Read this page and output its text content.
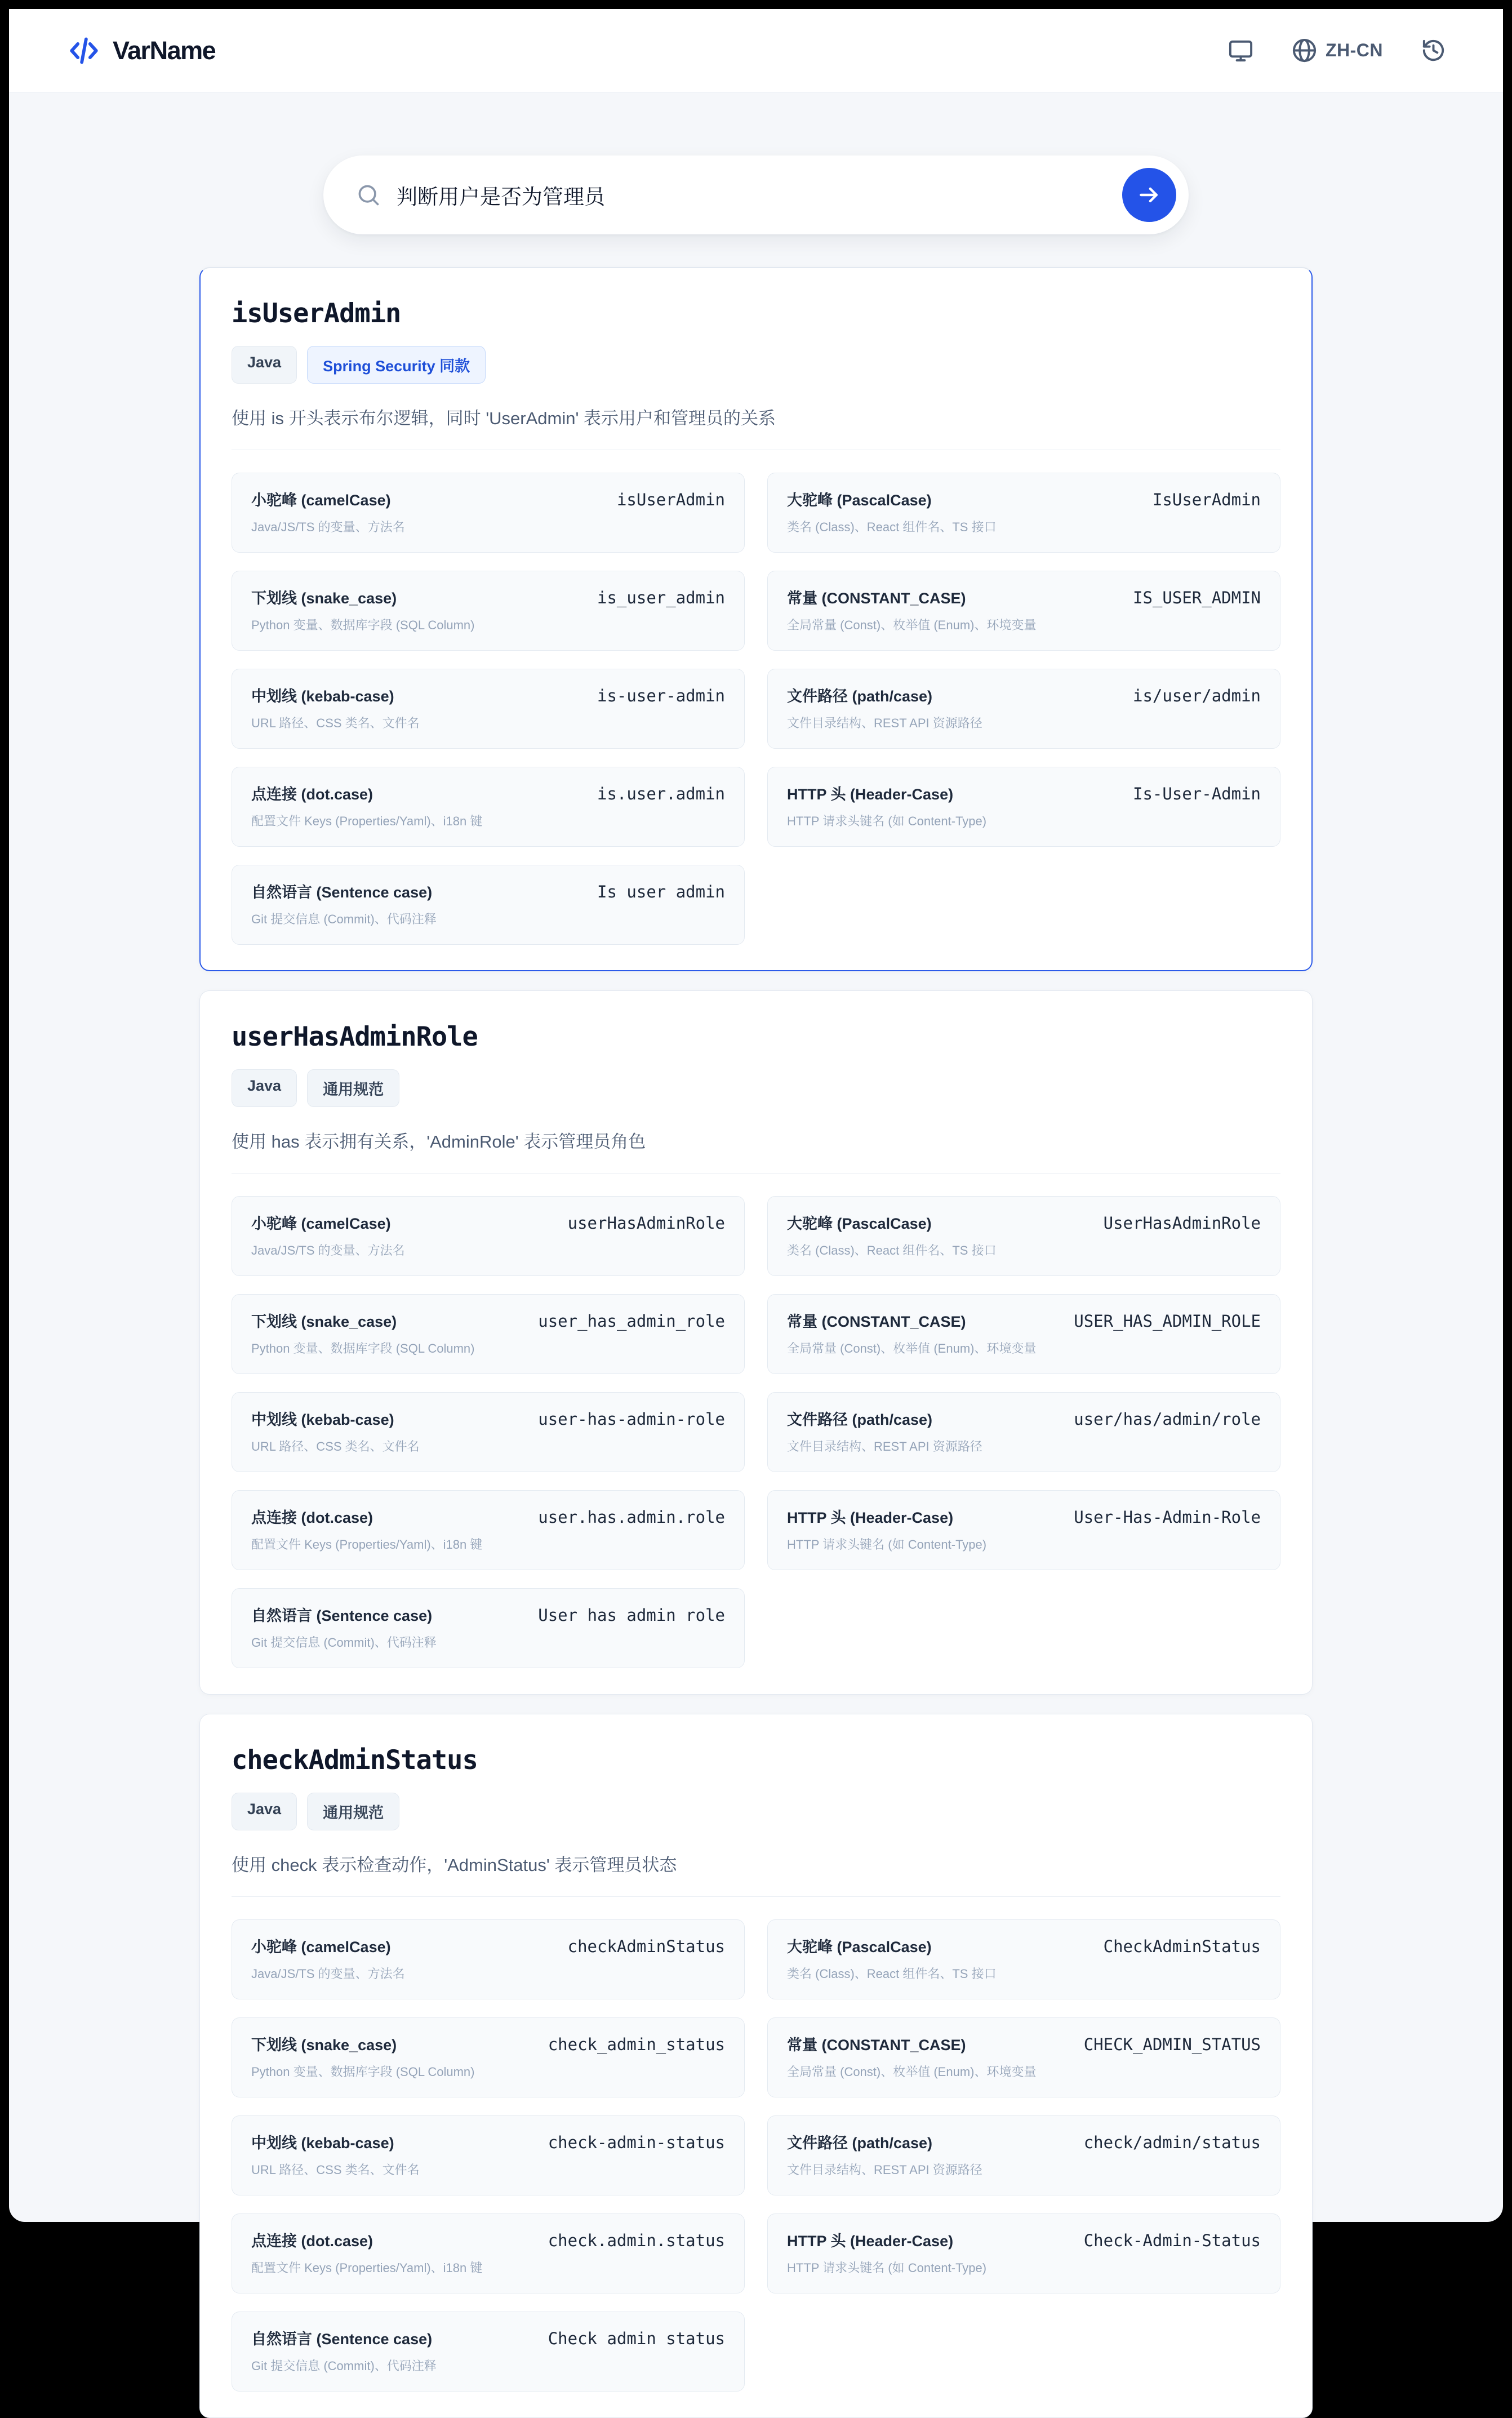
VarName	ZH-CN
判断用户是否为管理员
isUserAdmin
Java	Spring Security 同款

使用 is 开头表示布尔逻辑，同时 'UserAdmin' 表示用户和管理员的关系

小驼峰 (camelCase)	isUserAdmin
Java/JS/TS 的变量、方法名
大驼峰 (PascalCase)	IsUserAdmin
类名 (Class)、React 组件名、TS 接口
下划线 (snake_case)	is_user_admin
Python 变量、数据库字段 (SQL Column)
常量 (CONSTANT_CASE)	IS_USER_ADMIN
全局常量 (Const)、枚举值 (Enum)、环境变量
中划线 (kebab-case)	is-user-admin
URL 路径、CSS 类名、文件名
文件路径 (path/case)	is/user/admin
文件目录结构、REST API 资源路径
点连接 (dot.case)	is.user.admin
配置文件 Keys (Properties/Yaml)、i18n 键
HTTP 头 (Header-Case)	Is-User-Admin
HTTP 请求头键名 (如 Content-Type)
自然语言 (Sentence case)	Is user admin
Git 提交信息 (Commit)、代码注释
userHasAdminRole
Java	通用规范

使用 has 表示拥有关系，'AdminRole' 表示管理员角色

小驼峰 (camelCase)	userHasAdminRole
Java/JS/TS 的变量、方法名
大驼峰 (PascalCase)	UserHasAdminRole
类名 (Class)、React 组件名、TS 接口
下划线 (snake_case)	user_has_admin_role
Python 变量、数据库字段 (SQL Column)
常量 (CONSTANT_CASE)	USER_HAS_ADMIN_ROLE
全局常量 (Const)、枚举值 (Enum)、环境变量
中划线 (kebab-case)	user-has-admin-role
URL 路径、CSS 类名、文件名
文件路径 (path/case)	user/has/admin/role
文件目录结构、REST API 资源路径
点连接 (dot.case)	user.has.admin.role
配置文件 Keys (Properties/Yaml)、i18n 键
HTTP 头 (Header-Case)	User-Has-Admin-Role
HTTP 请求头键名 (如 Content-Type)
自然语言 (Sentence case)	User has admin role
Git 提交信息 (Commit)、代码注释
checkAdminStatus
Java	通用规范

使用 check 表示检查动作，'AdminStatus' 表示管理员状态

小驼峰 (camelCase)	checkAdminStatus
Java/JS/TS 的变量、方法名
大驼峰 (PascalCase)	CheckAdminStatus
类名 (Class)、React 组件名、TS 接口
下划线 (snake_case)	check_admin_status
Python 变量、数据库字段 (SQL Column)
常量 (CONSTANT_CASE)	CHECK_ADMIN_STATUS
全局常量 (Const)、枚举值 (Enum)、环境变量
中划线 (kebab-case)	check-admin-status
URL 路径、CSS 类名、文件名
文件路径 (path/case)	check/admin/status
文件目录结构、REST API 资源路径
点连接 (dot.case)	check.admin.status
配置文件 Keys (Properties/Yaml)、i18n 键
HTTP 头 (Header-Case)	Check-Admin-Status
HTTP 请求头键名 (如 Content-Type)
自然语言 (Sentence case)	Check admin status
Git 提交信息 (Commit)、代码注释
